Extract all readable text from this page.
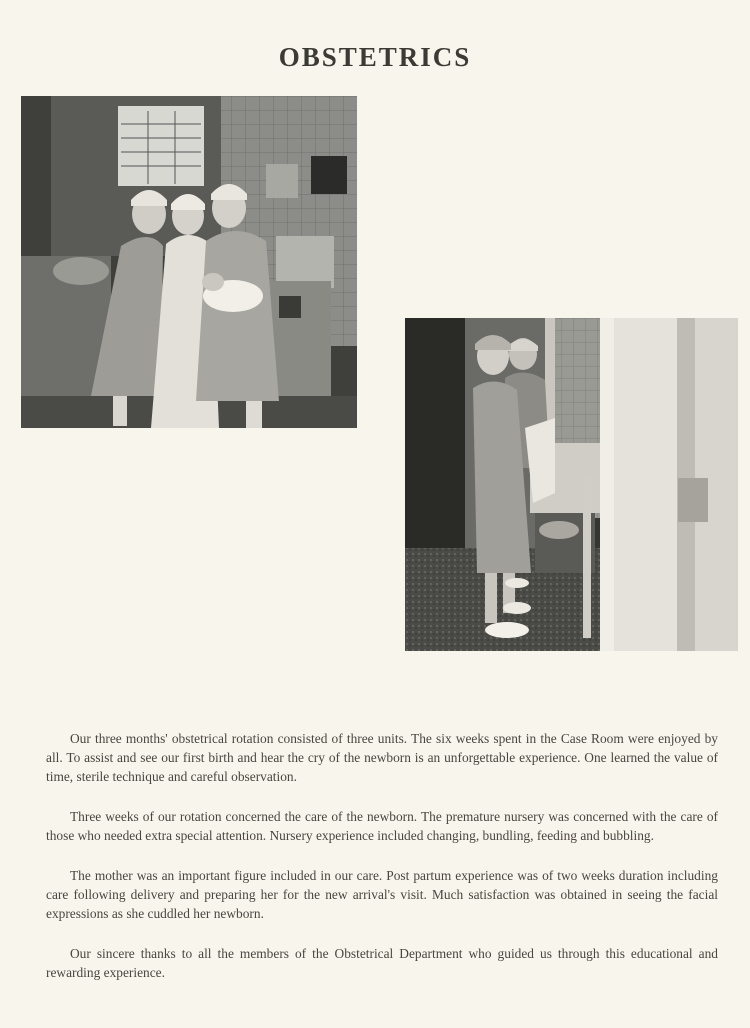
OBSTETRICS

Our three months' obstetrical rotation consisted of three units. The six weeks spent in the Case Room were enjoyed by all. To assist and see our first birth and hear the cry of the newborn is an unforgettable experience. One learned the value of time, sterile technique and careful observation.

Three weeks of our rotation concerned the care of the newborn. The premature nursery was concerned with the care of those who needed extra special attention. Nursery experience included changing, bundling, feeding and bubbling.

The mother was an important figure included in our care. Post partum experience was of two weeks duration including care following delivery and preparing her for the new arrival's visit. Much satisfaction was obtained in seeing the facial expressions as she cuddled her newborn.

Our sincere thanks to all the members of the Obstetrical Department who guided us through this educational and rewarding experience.
